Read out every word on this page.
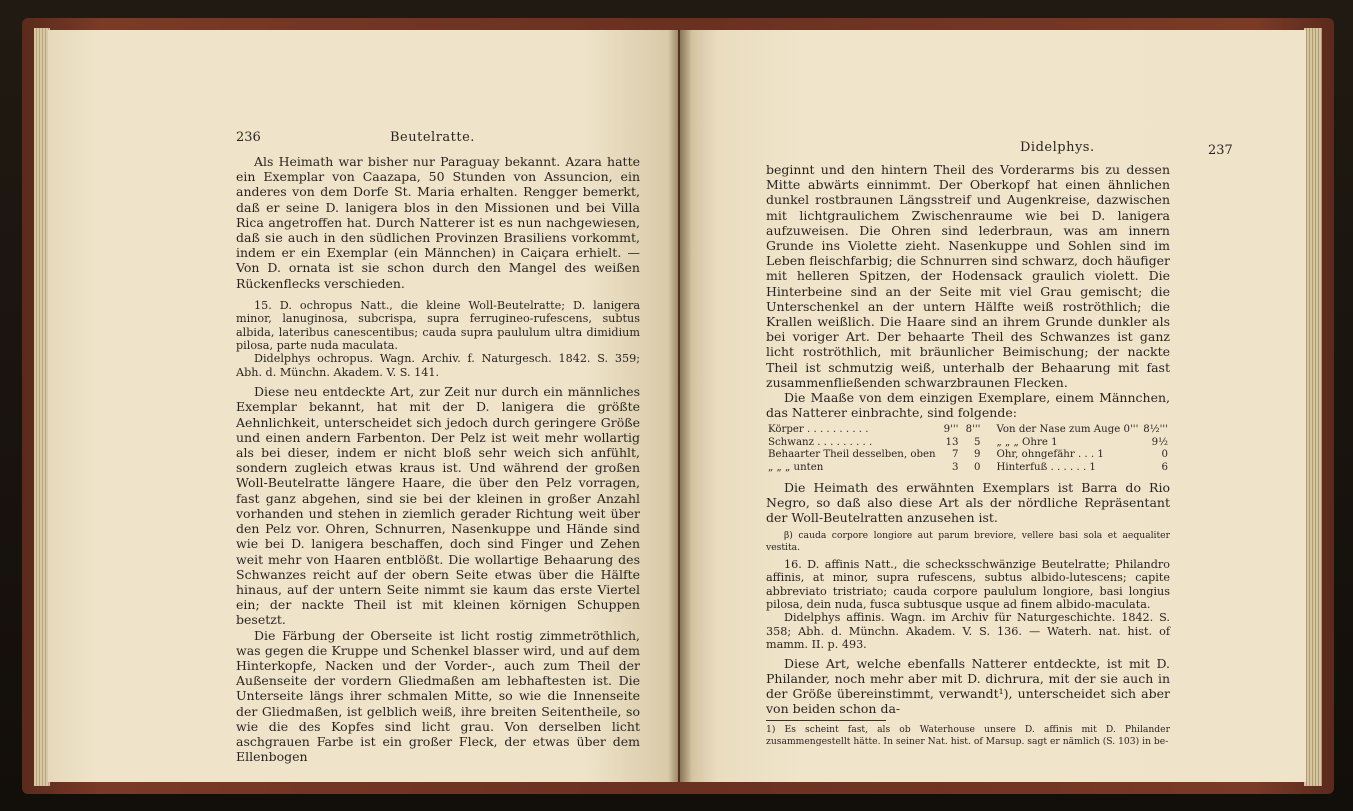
236	Beutelratte.

Als Heimath war bisher nur Paraguay bekannt. Azara hatte ein Exemplar von Caazapa, 50 Stunden von Assuncion, ein anderes von dem Dorfe St. Maria erhalten. Rengger bemerkt, daß er seine D. lanigera blos in den Missionen und bei Villa Rica angetroffen hat. Durch Natterer ist es nun nachgewiesen, daß sie auch in den südlichen Provinzen Brasiliens vorkommt, indem er ein Exemplar (ein Männchen) in Caiçara erhielt. — Von D. ornata ist sie schon durch den Mangel des weißen Rückenflecks verschieden.

15. D. ochropus Natt., die kleine Woll-Beutelratte; D. lanigera minor, lanuginosa, subcrispa, supra ferrugineo-rufescens, subtus albida, lateribus canescentibus; cauda supra paululum ultra dimidium pilosa, parte nuda maculata.

Didelphys ochropus. Wagn. Archiv. f. Naturgesch. 1842. S. 359; Abh. d. Münchn. Akadem. V. S. 141.

Diese neu entdeckte Art, zur Zeit nur durch ein männliches Exemplar bekannt, hat mit der D. lanigera die größte Aehnlichkeit, unterscheidet sich jedoch durch geringere Größe und einen andern Farbenton. Der Pelz ist weit mehr wollartig als bei dieser, indem er nicht bloß sehr weich sich anfühlt, sondern zugleich etwas kraus ist. Und während der großen Woll-Beutelratte längere Haare, die über den Pelz vorragen, fast ganz abgehen, sind sie bei der kleinen in großer Anzahl vorhanden und stehen in ziemlich gerader Richtung weit über den Pelz vor. Ohren, Schnurren, Nasenkuppe und Hände sind wie bei D. lanigera beschaffen, doch sind Finger und Zehen weit mehr von Haaren entblößt. Die wollartige Behaarung des Schwanzes reicht auf der obern Seite etwas über die Hälfte hinaus, auf der untern Seite nimmt sie kaum das erste Viertel ein; der nackte Theil ist mit kleinen körnigen Schuppen besetzt.

Die Färbung der Oberseite ist licht rostig zimmetröthlich, was gegen die Kruppe und Schenkel blasser wird, und auf dem Hinterkopfe, Nacken und der Vorder-, auch zum Theil der Außenseite der vordern Gliedmaßen am lebhaftesten ist. Die Unterseite längs ihrer schmalen Mitte, so wie die Innenseite der Gliedmaßen, ist gelblich weiß, ihre breiten Seitentheile, so wie die des Kopfes sind licht grau. Von derselben licht aschgrauen Farbe ist ein großer Fleck, der etwas über dem Ellenbogen

Didelphys.	237

beginnt und den hintern Theil des Vorderarms bis zu dessen Mitte abwärts einnimmt. Der Oberkopf hat einen ähnlichen dunkel rostbraunen Längsstreif und Augenkreise, dazwischen mit lichtgraulichem Zwischenraume wie bei D. lanigera aufzuweisen. Die Ohren sind lederbraun, was am innern Grunde ins Violette zieht. Nasenkuppe und Sohlen sind im Leben fleischfarbig; die Schnurren sind schwarz, doch häufiger mit helleren Spitzen, der Hodensack graulich violett. Die Hinterbeine sind an der Seite mit viel Grau gemischt; die Unterschenkel an der untern Hälfte weiß roströthlich; die Krallen weißlich. Die Haare sind an ihrem Grunde dunkler als bei voriger Art. Der behaarte Theil des Schwanzes ist ganz licht roströthlich, mit bräunlicher Beimischung; der nackte Theil ist schmutzig weiß, unterhalb der Behaarung mit fast zusammenfließenden schwarzbraunen Flecken.

Die Maaße von dem einzigen Exemplare, einem Männchen, das Natterer einbrachte, sind folgende:

Körper . . . . . . . . . .	9'''	8'''	Von der Nase zum Auge 0'''	8½'''
Schwanz . . . . . . . . .	13	5	„ „ „ Ohre 1	9½
Behaarter Theil desselben, oben	7	9	Ohr, ohngefähr . . . 1	0
„ „ „ unten	3	0	Hinterfuß . . . . . . 1	6

Die Heimath des erwähnten Exemplars ist Barra do Rio Negro, so daß also diese Art als der nördliche Repräsentant der Woll-Beutelratten anzusehen ist.

β) cauda corpore longiore aut parum breviore, vellere basi sola et aequaliter vestita.

16. D. affinis Natt., die schecksschwänzige Beutelratte; Philandro affinis, at minor, supra rufescens, subtus albido-lutescens; capite abbreviato tristriato; cauda corpore paululum longiore, basi longius pilosa, dein nuda, fusca subtusque usque ad finem albido-maculata.

Didelphys affinis. Wagn. im Archiv für Naturgeschichte. 1842. S. 358; Abh. d. Münchn. Akadem. V. S. 136. — Waterh. nat. hist. of mamm. II. p. 493.

Diese Art, welche ebenfalls Natterer entdeckte, ist mit D. Philander, noch mehr aber mit D. dichrura, mit der sie auch in der Größe übereinstimmt, verwandt¹), unterscheidet sich aber von beiden schon da-

1) Es scheint fast, als ob Waterhouse unsere D. affinis mit D. Philander zusammengestellt hätte. In seiner Nat. hist. of Marsup. sagt er nämlich (S. 103) in be-
